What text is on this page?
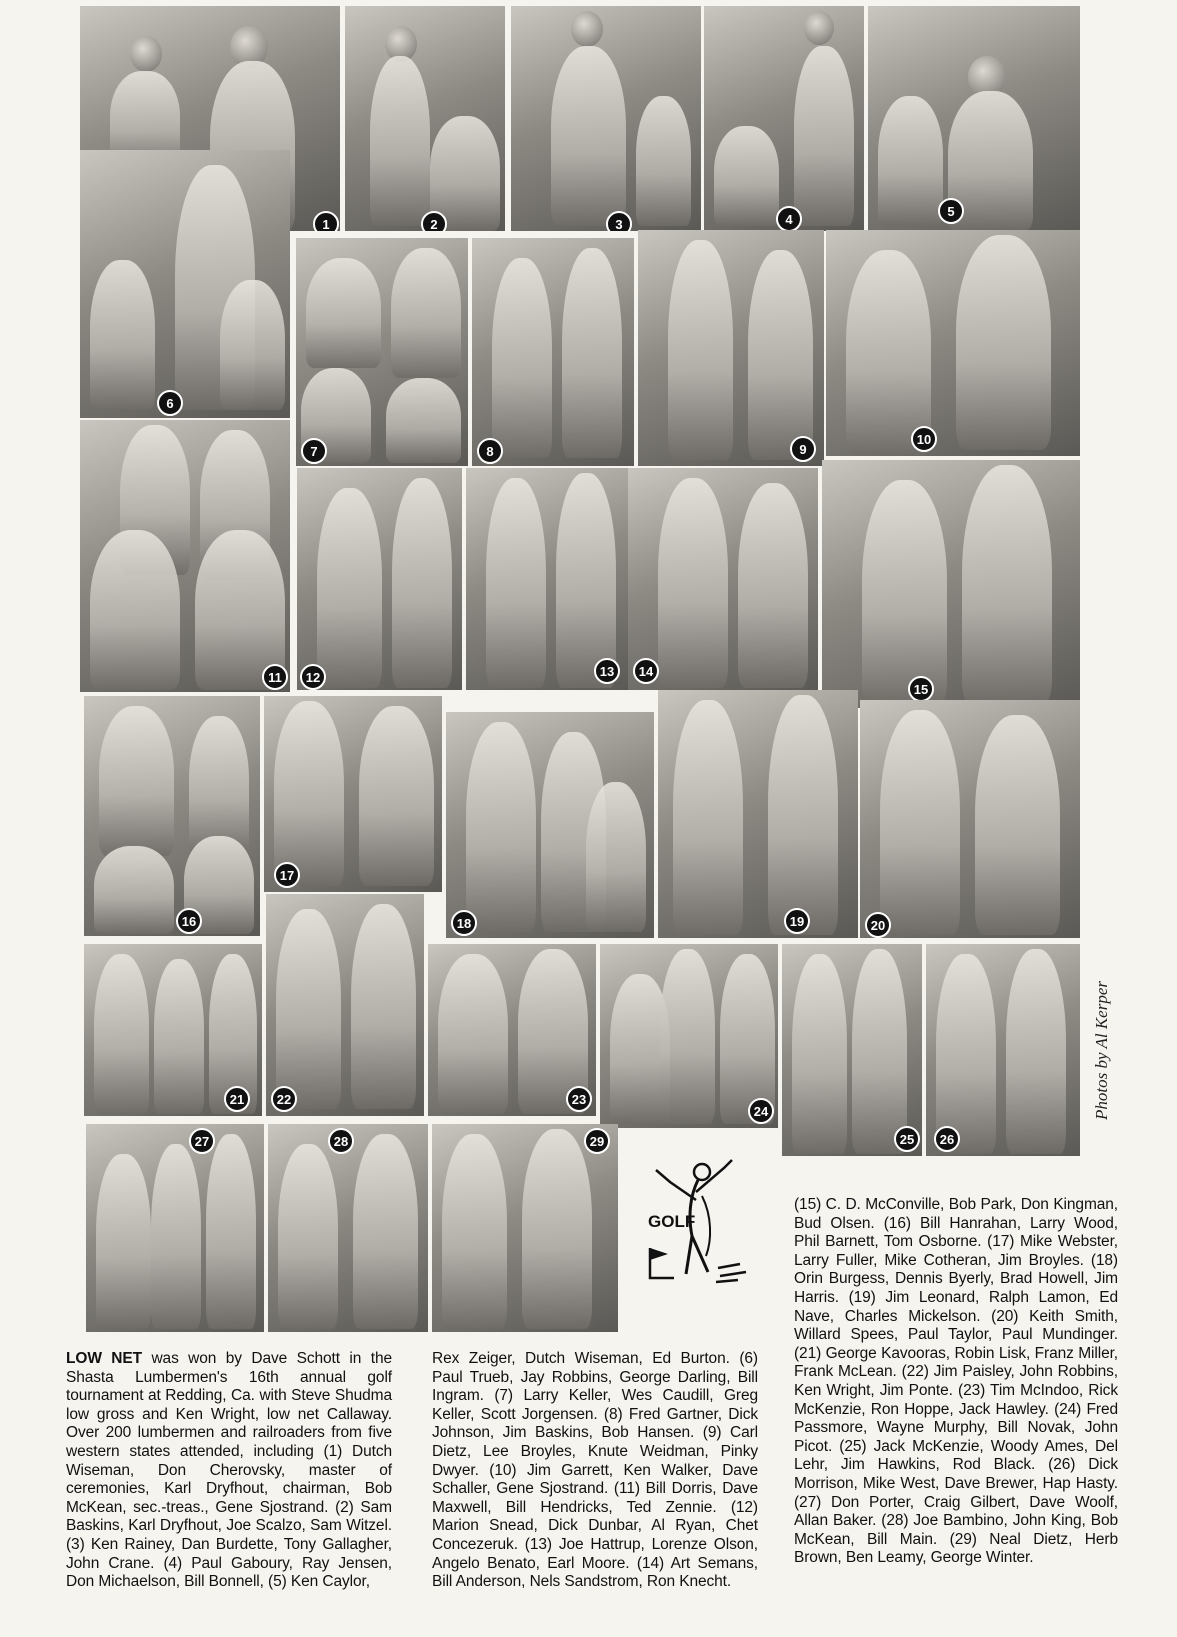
1	2	3	4
5
6
7	8	9
10
11	12	13	14
15
16
17
18	19	20
21	22	23
24
25	26
27	28	29
GOLF
Photos by Al Kerper
LOW NET was won by Dave Schott in the Shasta Lumbermen's 16th annual golf tournament at Redding, Ca. with Steve Shudma low gross and Ken Wright, low net Callaway. Over 200 lumbermen and railroaders from five western states attended, including (1) Dutch Wiseman, Don Cherovsky, master of ceremonies, Karl Dryfhout, chairman, Bob McKean, sec.-treas., Gene Sjostrand. (2) Sam Baskins, Karl Dryfhout, Joe Scalzo, Sam Witzel. (3) Ken Rainey, Dan Burdette, Tony Gallagher, John Crane. (4) Paul Gaboury, Ray Jensen, Don Michaelson, Bill Bonnell, (5) Ken Caylor,
Rex Zeiger, Dutch Wiseman, Ed Burton. (6) Paul Trueb, Jay Robbins, George Darling, Bill Ingram. (7) Larry Keller, Wes Caudill, Greg Keller, Scott Jorgensen. (8) Fred Gartner, Dick Johnson, Jim Baskins, Bob Hansen. (9) Carl Dietz, Lee Broyles, Knute Weidman, Pinky Dwyer. (10) Jim Garrett, Ken Walker, Dave Schaller, Gene Sjostrand. (11) Bill Dorris, Dave Maxwell, Bill Hendricks, Ted Zennie. (12) Marion Snead, Dick Dunbar, Al Ryan, Chet Concezeruk. (13) Joe Hattrup, Lorenze Olson, Angelo Benato, Earl Moore. (14) Art Semans, Bill Anderson, Nels Sandstrom, Ron Knecht.
(15) C. D. McConville, Bob Park, Don Kingman, Bud Olsen. (16) Bill Hanrahan, Larry Wood, Phil Barnett, Tom Osborne. (17) Mike Webster, Larry Fuller, Mike Cotheran, Jim Broyles. (18) Orin Burgess, Dennis Byerly, Brad Howell, Jim Harris. (19) Jim Leonard, Ralph Lamon, Ed Nave, Charles Mickelson. (20) Keith Smith, Willard Spees, Paul Taylor, Paul Mundinger. (21) George Kavooras, Robin Lisk, Franz Miller, Frank McLean. (22) Jim Paisley, John Robbins, Ken Wright, Jim Ponte. (23) Tim McIndoo, Rick McKenzie, Ron Hoppe, Jack Hawley. (24) Fred Passmore, Wayne Murphy, Bill Novak, John Picot. (25) Jack McKenzie, Woody Ames, Del Lehr, Jim Hawkins, Rod Black. (26) Dick Morrison, Mike West, Dave Brewer, Hap Hasty. (27) Don Porter, Craig Gilbert, Dave Woolf, Allan Baker. (28) Joe Bambino, John King, Bob McKean, Bill Main. (29) Neal Dietz, Herb Brown, Ben Leamy, George Winter.
